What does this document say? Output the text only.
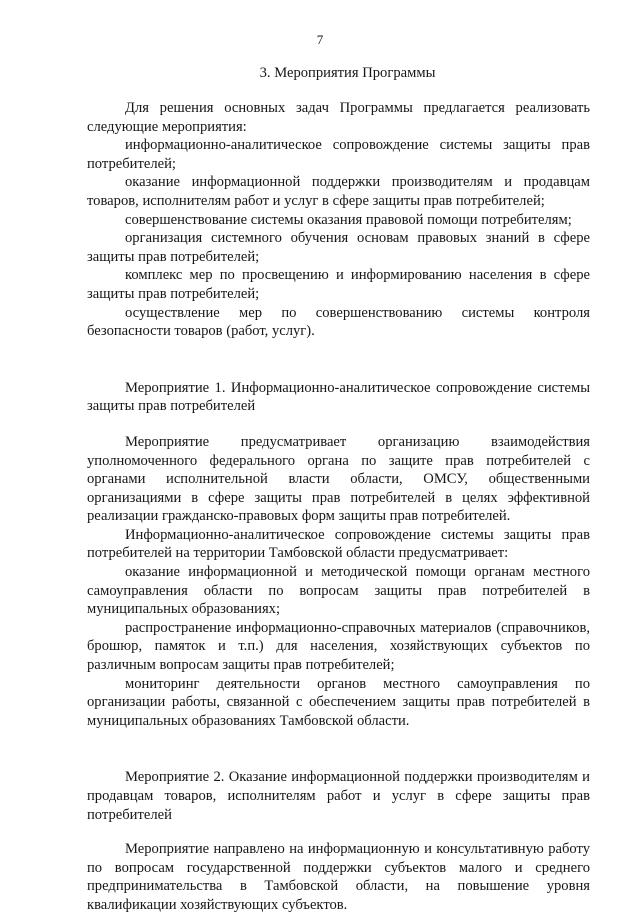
7
3. Мероприятия Программы

Для решения основных задач Программы предлагается реализовать следующие мероприятия:

информационно-аналитическое сопровождение системы защиты прав потребителей;

оказание информационной поддержки производителям и продавцам товаров, исполнителям работ и услуг в сфере защиты прав потребителей;

совершенствование системы оказания правовой помощи потребителям;

организация системного обучения основам правовых знаний в сфере защиты прав потребителей;

комплекс мер по просвещению и информированию населения в сфере защиты прав потребителей;

осуществление мер по совершенствованию системы контроля безопасности товаров (работ, услуг).

Мероприятие 1. Информационно-аналитическое сопровождение системы защиты прав потребителей

Мероприятие предусматривает организацию взаимодействия уполномоченного федерального органа по защите прав потребителей с органами исполнительной власти области, ОМСУ, общественными организациями в сфере защиты прав потребителей в целях эффективной реализации гражданско-правовых форм защиты прав потребителей.

Информационно-аналитическое сопровождение системы защиты прав потребителей на территории Тамбовской области предусматривает:

оказание информационной и методической помощи органам местного самоуправления области по вопросам защиты прав потребителей в муниципальных образованиях;

распространение информационно-справочных материалов (справочников, брошюр, памяток и т.п.) для населения, хозяйствующих субъектов по различным вопросам защиты прав потребителей;

мониторинг деятельности органов местного самоуправления по организации работы, связанной с обеспечением защиты прав потребителей в муниципальных образованиях Тамбовской области.

Мероприятие 2. Оказание информационной поддержки производителям и продавцам товаров, исполнителям работ и услуг в сфере защиты прав потребителей

Мероприятие направлено на информационную и консультативную работу по вопросам государственной поддержки субъектов малого и среднего предпринимательства в Тамбовской области, на повышение уровня квалификации хозяйствующих субъектов.
